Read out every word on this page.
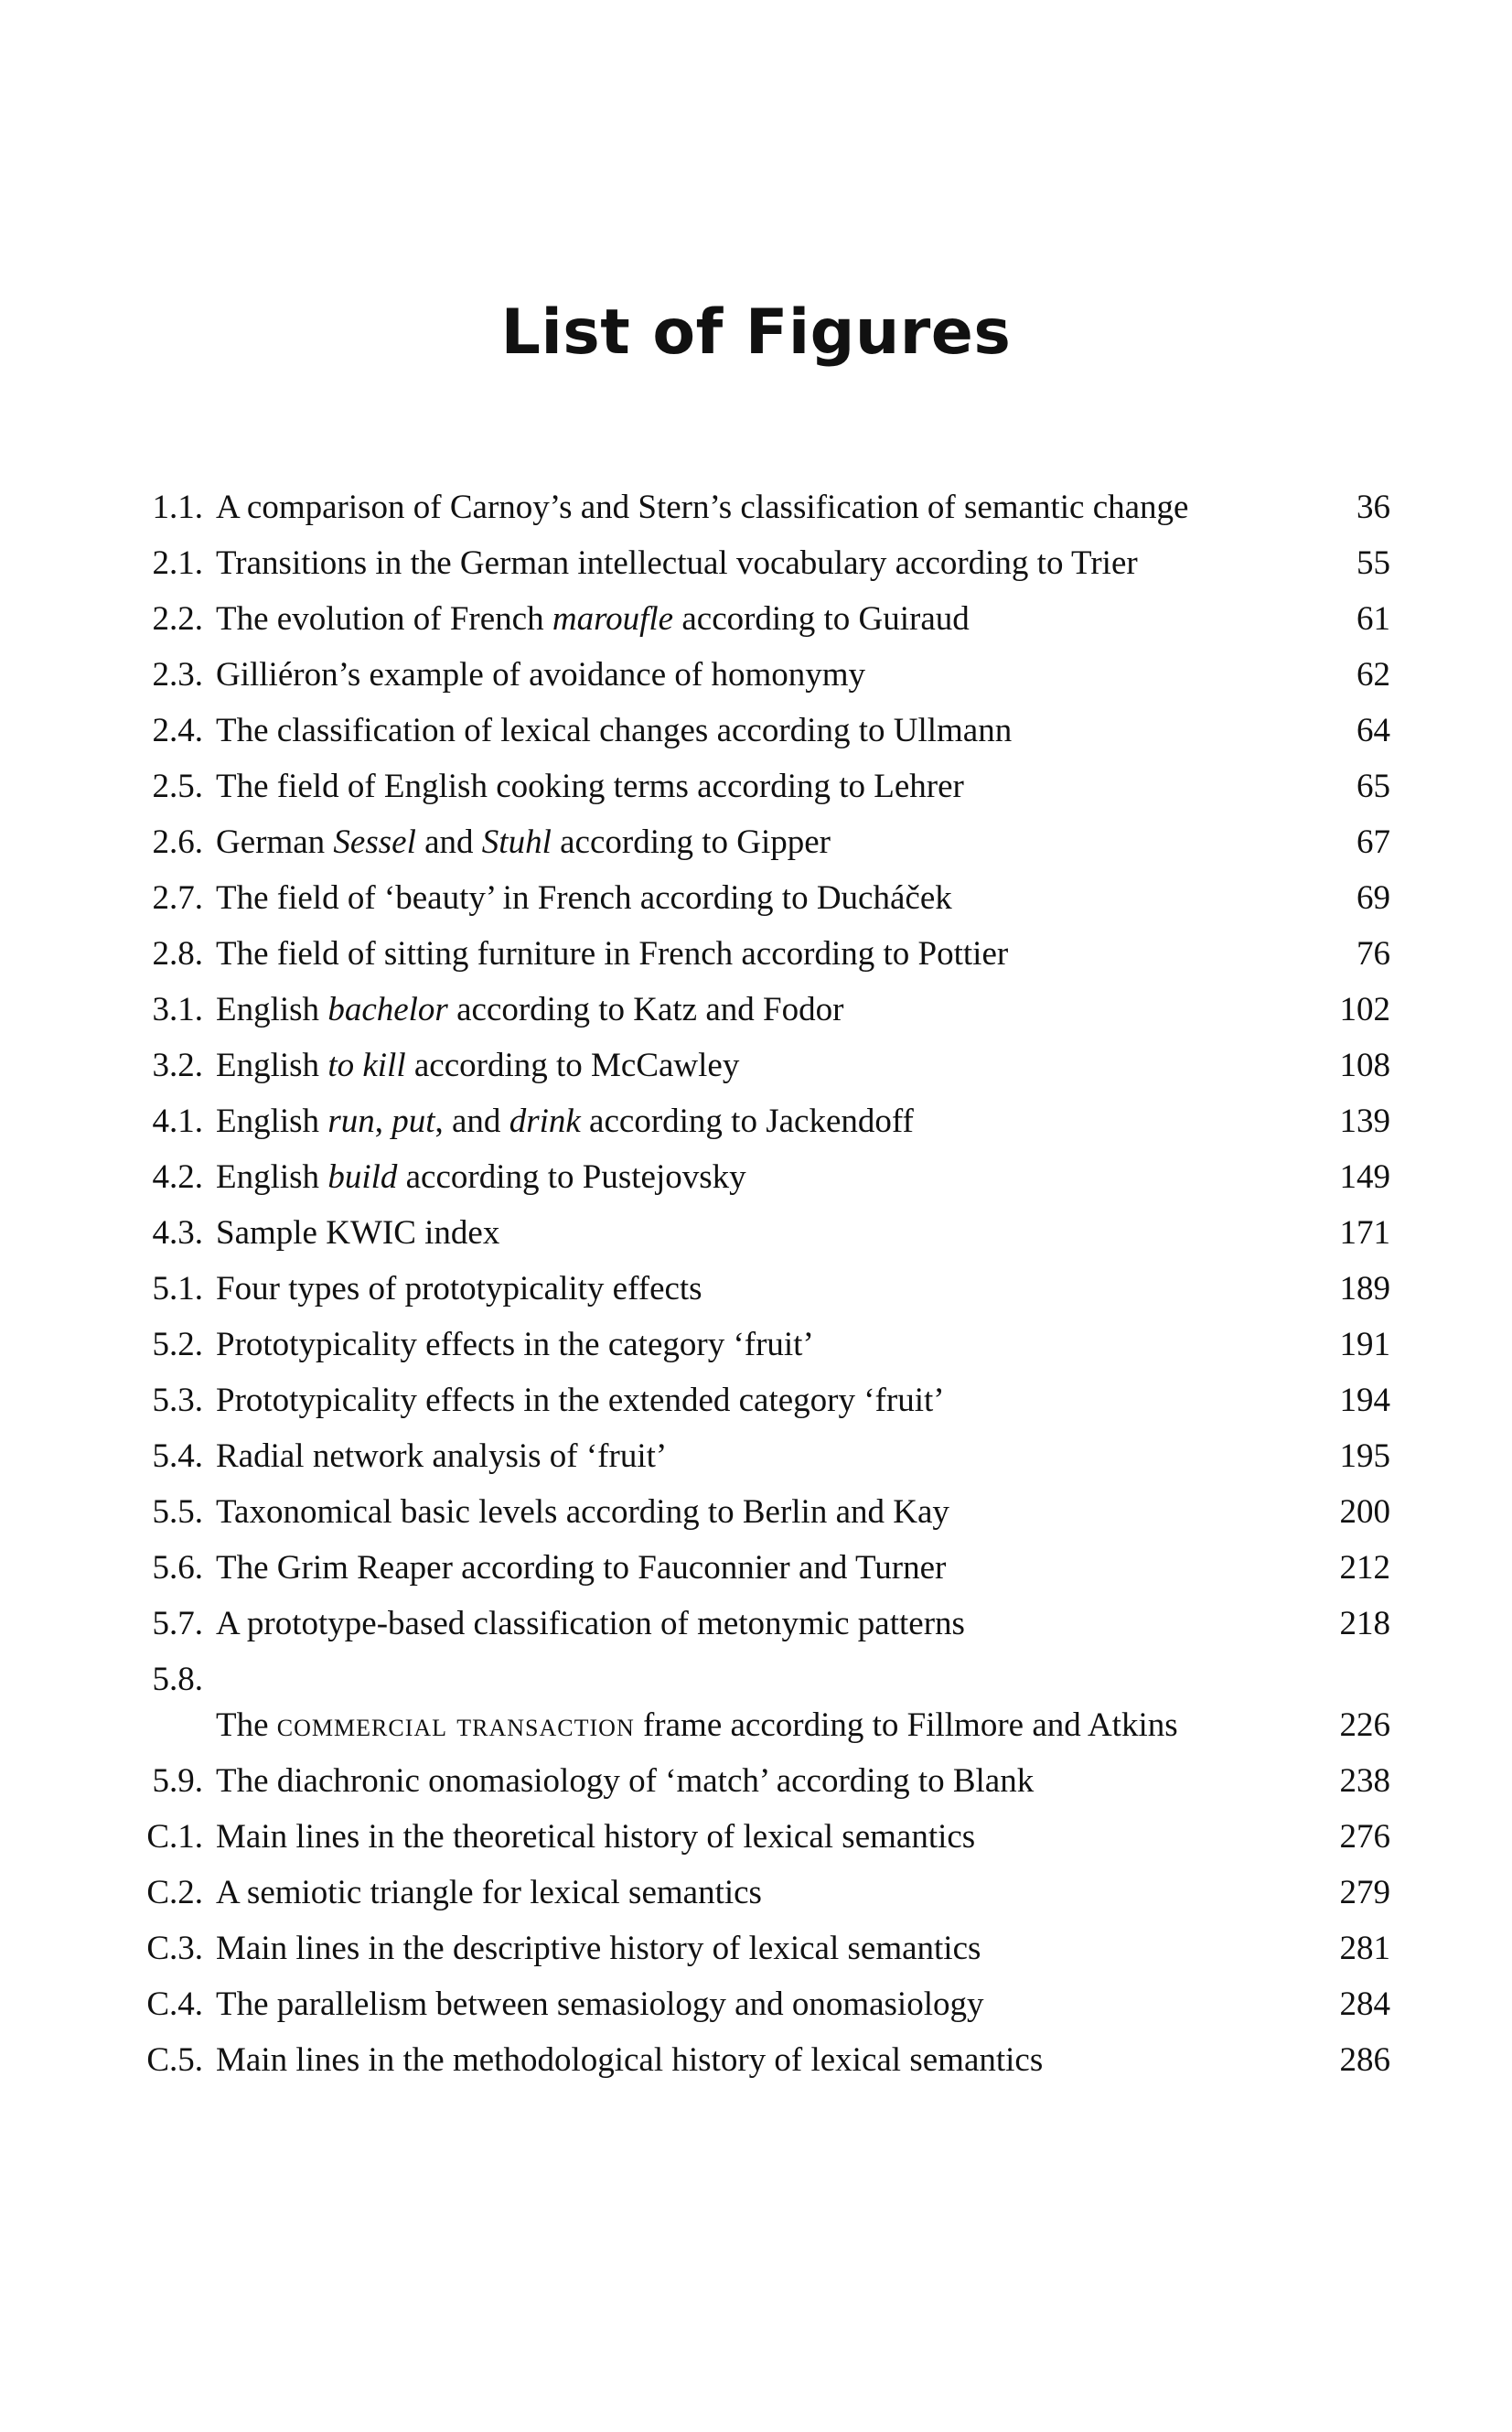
List of Figures
1.1. A comparison of Carnoy’s and Stern’s classification of semantic change	36
2.1. Transitions in the German intellectual vocabulary according to Trier	55
2.2. The evolution of French maroufle according to Guiraud	61
2.3. Gilliéron’s example of avoidance of homonymy	62
2.4. The classification of lexical changes according to Ullmann	64
2.5. The field of English cooking terms according to Lehrer	65
2.6. German Sessel and Stuhl according to Gipper	67
2.7. The field of ‘beauty’ in French according to Ducháček	69
2.8. The field of sitting furniture in French according to Pottier	76
3.1. English bachelor according to Katz and Fodor	102
3.2. English to kill according to McCawley	108
4.1. English run, put, and drink according to Jackendoff	139
4.2. English build according to Pustejovsky	149
4.3. Sample KWIC index	171
5.1. Four types of prototypicality effects	189
5.2. Prototypicality effects in the category ‘fruit’	191
5.3. Prototypicality effects in the extended category ‘fruit’	194
5.4. Radial network analysis of ‘fruit’	195
5.5. Taxonomical basic levels according to Berlin and Kay	200
5.6. The Grim Reaper according to Fauconnier and Turner	212
5.7. A prototype-based classification of metonymic patterns	218
5.8.
The commercial transaction frame according to Fillmore and Atkins	226
5.9. The diachronic onomasiology of ‘match’ according to Blank	238
C.1. Main lines in the theoretical history of lexical semantics	276
C.2. A semiotic triangle for lexical semantics	279
C.3. Main lines in the descriptive history of lexical semantics	281
C.4. The parallelism between semasiology and onomasiology	284
C.5. Main lines in the methodological history of lexical semantics	286
